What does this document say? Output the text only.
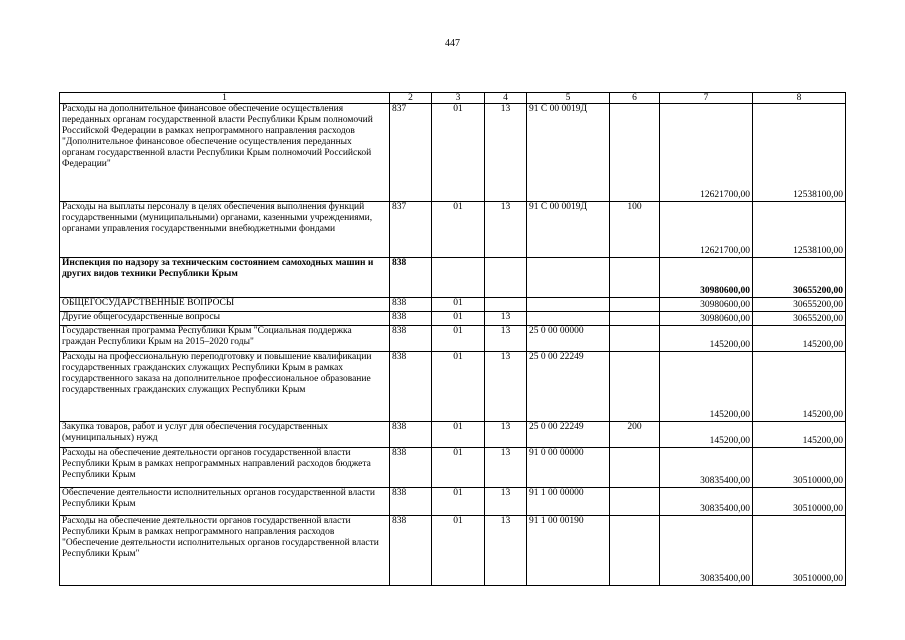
447
1	2	3	4	5	6	7	8
Расходы на дополнительное финансовое обеспечение осуществления переданных органам государственной власти Республики Крым полномочий Российской Федерации в рамках непрограммного направления расходов "Дополнительное финансовое обеспечение осуществления переданных органам государственной власти Республики Крым полномочий Российской Федерации"	837	01	13	91 С 00 0019Д		12621700,00	12538100,00
Расходы на выплаты персоналу в целях обеспечения выполнения функций государственными (муниципальными) органами, казенными учреждениями, органами управления государственными внебюджетными фондами	837	01	13	91 С 00 0019Д	100	12621700,00	12538100,00
Инспекция по надзору за техническим состоянием самоходных машин и других видов техники Республики Крым	838					30980600,00	30655200,00
ОБЩЕГОСУДАРСТВЕННЫЕ ВОПРОСЫ	838	01				30980600,00	30655200,00
Другие общегосударственные вопросы	838	01	13			30980600,00	30655200,00
Государственная программа Республики Крым "Социальная поддержка граждан Республики Крым на 2015–2020 годы"	838	01	13	25 0 00 00000		145200,00	145200,00
Расходы на профессиональную переподготовку и повышение квалификации государственных гражданских служащих Республики Крым в рамках государственного заказа на дополнительное профессиональное образование государственных гражданских служащих Республики Крым	838	01	13	25 0 00 22249		145200,00	145200,00
Закупка товаров, работ и услуг для обеспечения государственных (муниципальных) нужд	838	01	13	25 0 00 22249	200	145200,00	145200,00
Расходы на обеспечение деятельности органов государственной власти Республики Крым в рамках непрограммных направлений расходов бюджета Республики Крым	838	01	13	91 0 00 00000		30835400,00	30510000,00
Обеспечение деятельности исполнительных органов государственной власти Республики Крым	838	01	13	91 1 00 00000		30835400,00	30510000,00
Расходы на обеспечение деятельности органов государственной власти Республики Крым в рамках непрограммного направления расходов "Обеспечение деятельности исполнительных органов государственной власти Республики Крым"	838	01	13	91 1 00 00190		30835400,00	30510000,00
